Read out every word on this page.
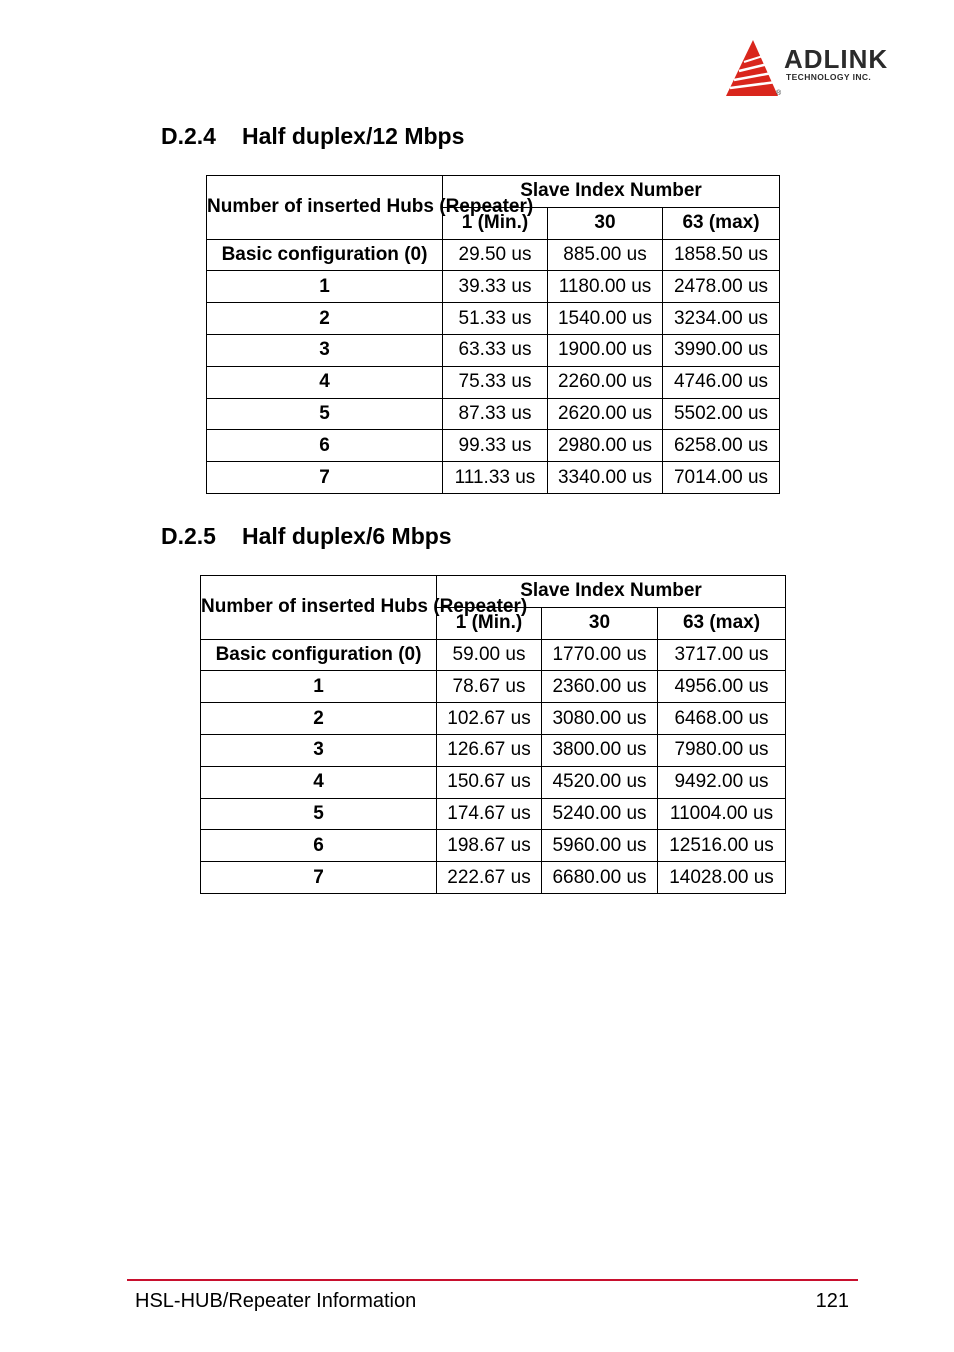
ADLINK
TECHNOLOGY INC.
®
D.2.4 Half duplex/12 Mbps
Number of inserted Hubs (Repeater)	Slave Index Number		
	1 (Min.)	30	63 (max)
Basic configuration (0)	29.50 us	885.00 us	1858.50 us
1	39.33 us	1180.00 us	2478.00 us
2	51.33 us	1540.00 us	3234.00 us
3	63.33 us	1900.00 us	3990.00 us
4	75.33 us	2260.00 us	4746.00 us
5	87.33 us	2620.00 us	5502.00 us
6	99.33 us	2980.00 us	6258.00 us
7	111.33 us	3340.00 us	7014.00 us
D.2.5 Half duplex/6 Mbps
Number of inserted Hubs (Repeater)	Slave Index Number		
	1 (Min.)	30	63 (max)
Basic configuration (0)	59.00 us	1770.00 us	3717.00 us
1	78.67 us	2360.00 us	4956.00 us
2	102.67 us	3080.00 us	6468.00 us
3	126.67 us	3800.00 us	7980.00 us
4	150.67 us	4520.00 us	9492.00 us
5	174.67 us	5240.00 us	11004.00 us
6	198.67 us	5960.00 us	12516.00 us
7	222.67 us	6680.00 us	14028.00 us
HSL-HUB/Repeater Information	121
